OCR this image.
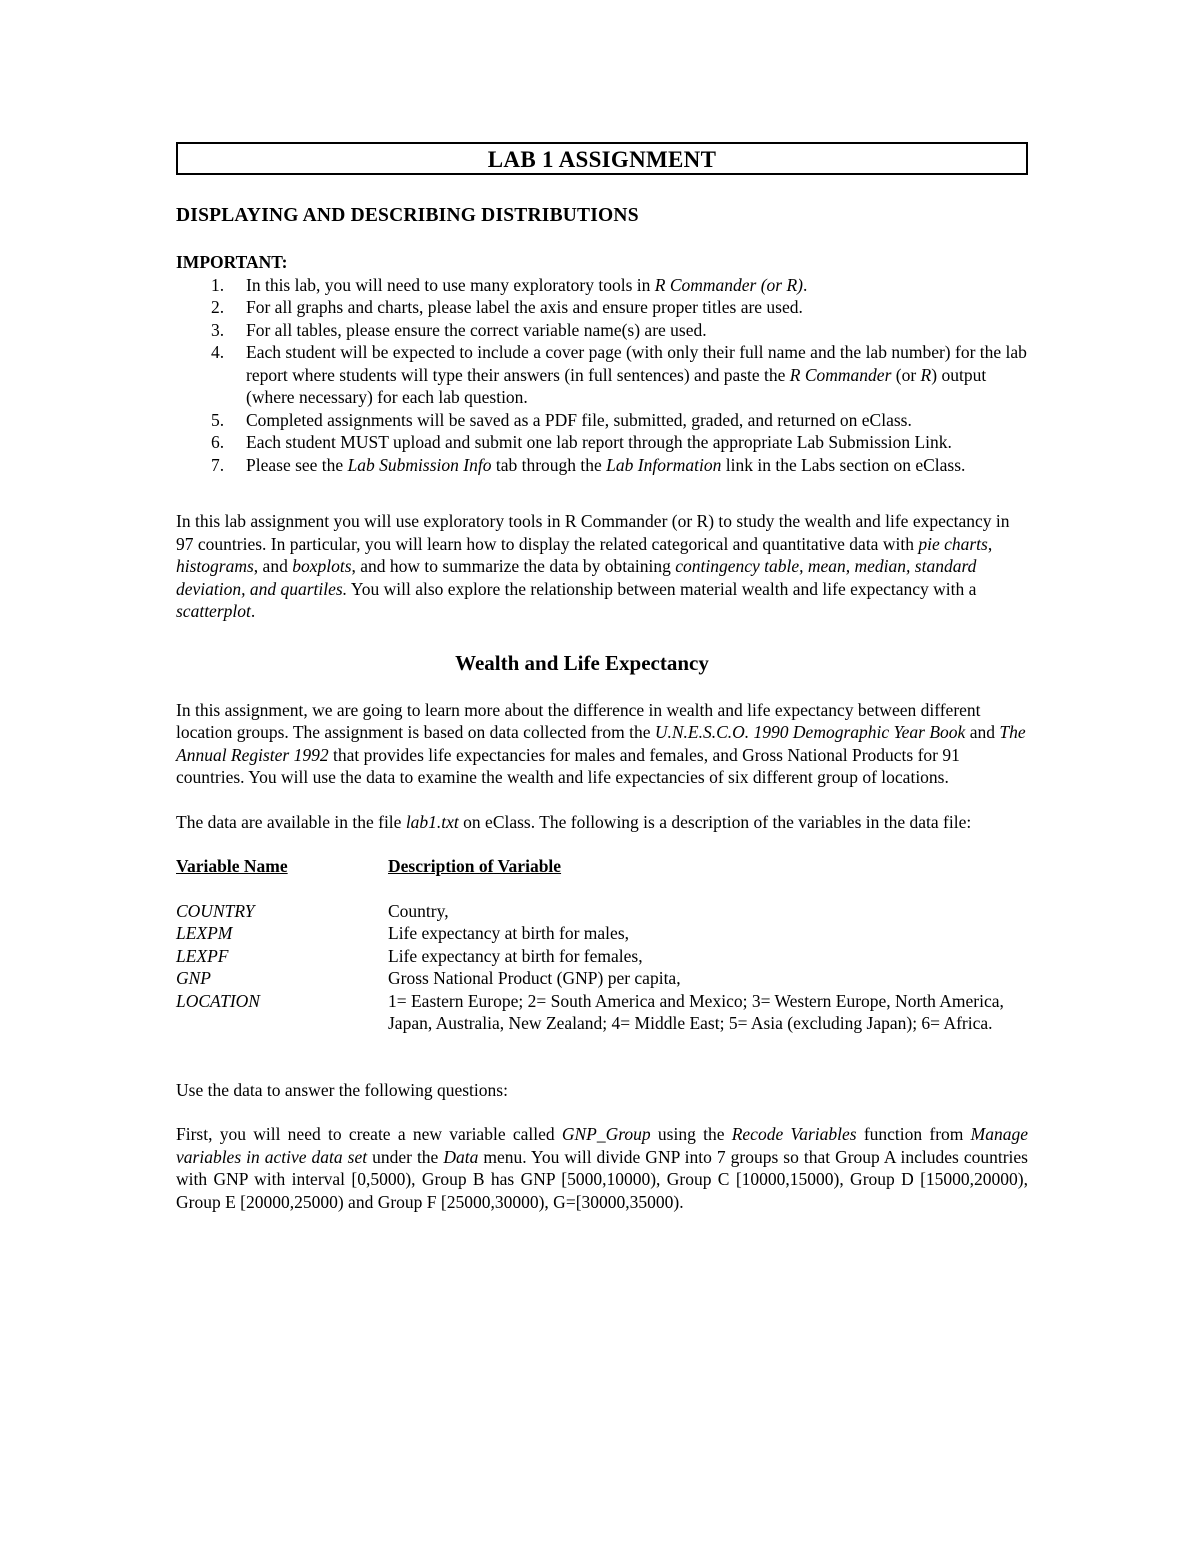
LAB 1 ASSIGNMENT
DISPLAYING AND DESCRIBING DISTRIBUTIONS
IMPORTANT:
1. In this lab, you will need to use many exploratory tools in R Commander (or R).
2. For all graphs and charts, please label the axis and ensure proper titles are used.
3. For all tables, please ensure the correct variable name(s) are used.
4. Each student will be expected to include a cover page (with only their full name and the lab number) for the lab report where students will type their answers (in full sentences) and paste the R Commander (or R) output (where necessary) for each lab question.
5. Completed assignments will be saved as a PDF file, submitted, graded, and returned on eClass.
6. Each student MUST upload and submit one lab report through the appropriate Lab Submission Link.
7. Please see the Lab Submission Info tab through the Lab Information link in the Labs section on eClass.

In this lab assignment you will use exploratory tools in R Commander (or R) to study the wealth and life expectancy in 97 countries. In particular, you will learn how to display the related categorical and quantitative data with pie charts, histograms, and boxplots, and how to summarize the data by obtaining contingency table, mean, median, standard deviation, and quartiles. You will also explore the relationship between material wealth and life expectancy with a scatterplot.

Wealth and Life Expectancy

In this assignment, we are going to learn more about the difference in wealth and life expectancy between different location groups. The assignment is based on data collected from the U.N.E.S.C.O. 1990 Demographic Year Book and The Annual Register 1992 that provides life expectancies for males and females, and Gross National Products for 91 countries. You will use the data to examine the wealth and life expectancies of six different group of locations.

The data are available in the file lab1.txt on eClass. The following is a description of the variables in the data file:

Variable Name	Description of Variable
COUNTRY	Country,
LEXPM	Life expectancy at birth for males,
LEXPF	Life expectancy at birth for females,
GNP	Gross National Product (GNP) per capita,
LOCATION	1= Eastern Europe; 2= South America and Mexico; 3= Western Europe, North America, Japan, Australia, New Zealand; 4= Middle East; 5= Asia (excluding Japan); 6= Africa.

Use the data to answer the following questions:

First, you will need to create a new variable called GNP_Group using the Recode Variables function from Manage variables in active data set under the Data menu. You will divide GNP into 7 groups so that Group A includes countries with GNP with interval [0,5000), Group B has GNP [5000,10000), Group C [10000,15000), Group D [15000,20000), Group E [20000,25000) and Group F [25000,30000), G=[30000,35000).
